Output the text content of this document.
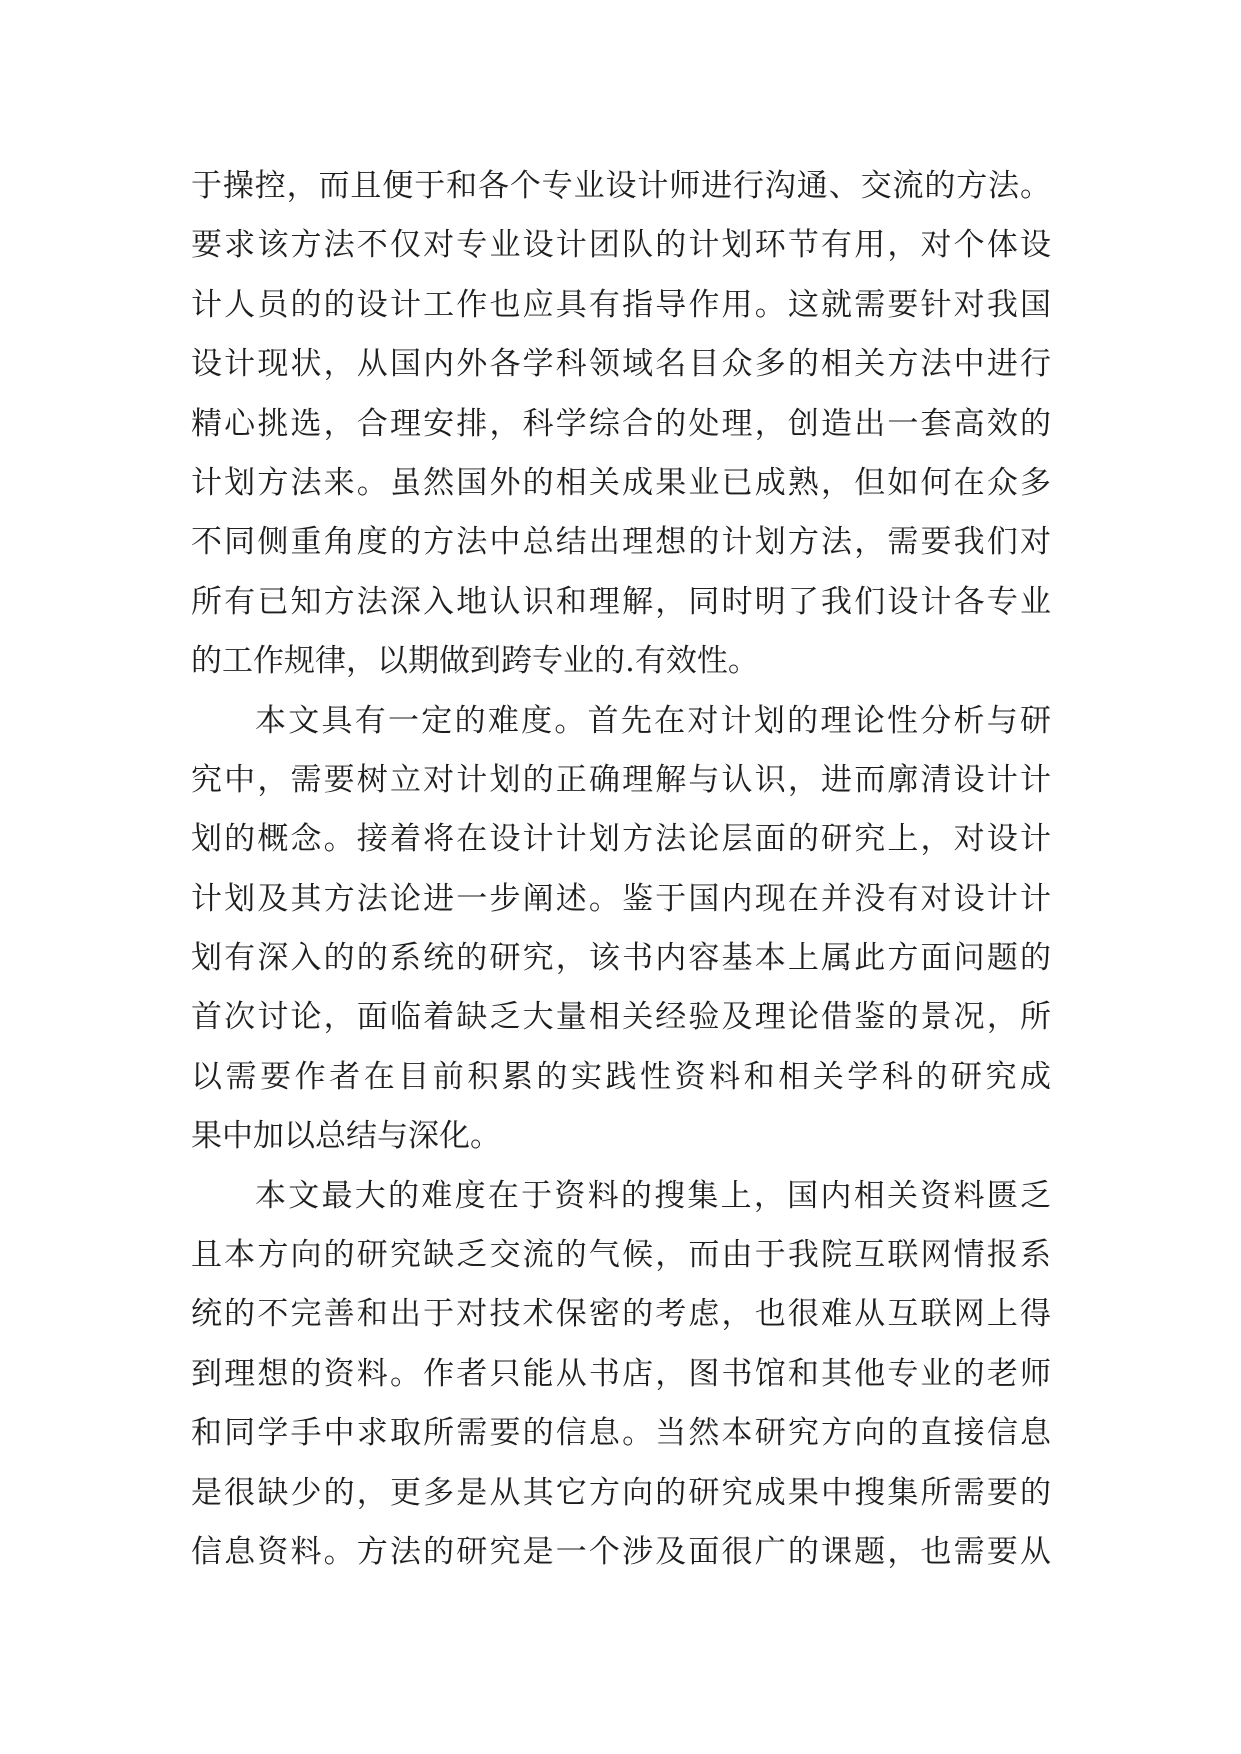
于操控，而且便于和各个专业设计师进行沟通、交流的方法。
要求该方法不仅对专业设计团队的计划环节有用，对个体设
计人员的的设计工作也应具有指导作用。这就需要针对我国
设计现状，从国内外各学科领域名目众多的相关方法中进行
精心挑选，合理安排，科学综合的处理，创造出一套高效的
计划方法来。虽然国外的相关成果业已成熟，但如何在众多
不同侧重角度的方法中总结出理想的计划方法，需要我们对
所有已知方法深入地认识和理解，同时明了我们设计各专业
的工作规律，以期做到跨专业的.有效性。
本文具有一定的难度。首先在对计划的理论性分析与研
究中，需要树立对计划的正确理解与认识，进而廓清设计计
划的概念。接着将在设计计划方法论层面的研究上，对设计
计划及其方法论进一步阐述。鉴于国内现在并没有对设计计
划有深入的的系统的研究，该书内容基本上属此方面问题的
首次讨论，面临着缺乏大量相关经验及理论借鉴的景况，所
以需要作者在目前积累的实践性资料和相关学科的研究成
果中加以总结与深化。
本文最大的难度在于资料的搜集上，国内相关资料匮乏
且本方向的研究缺乏交流的气候，而由于我院互联网情报系
统的不完善和出于对技术保密的考虑，也很难从互联网上得
到理想的资料。作者只能从书店，图书馆和其他专业的老师
和同学手中求取所需要的信息。当然本研究方向的直接信息
是很缺少的，更多是从其它方向的研究成果中搜集所需要的
信息资料。方法的研究是一个涉及面很广的课题，也需要从
